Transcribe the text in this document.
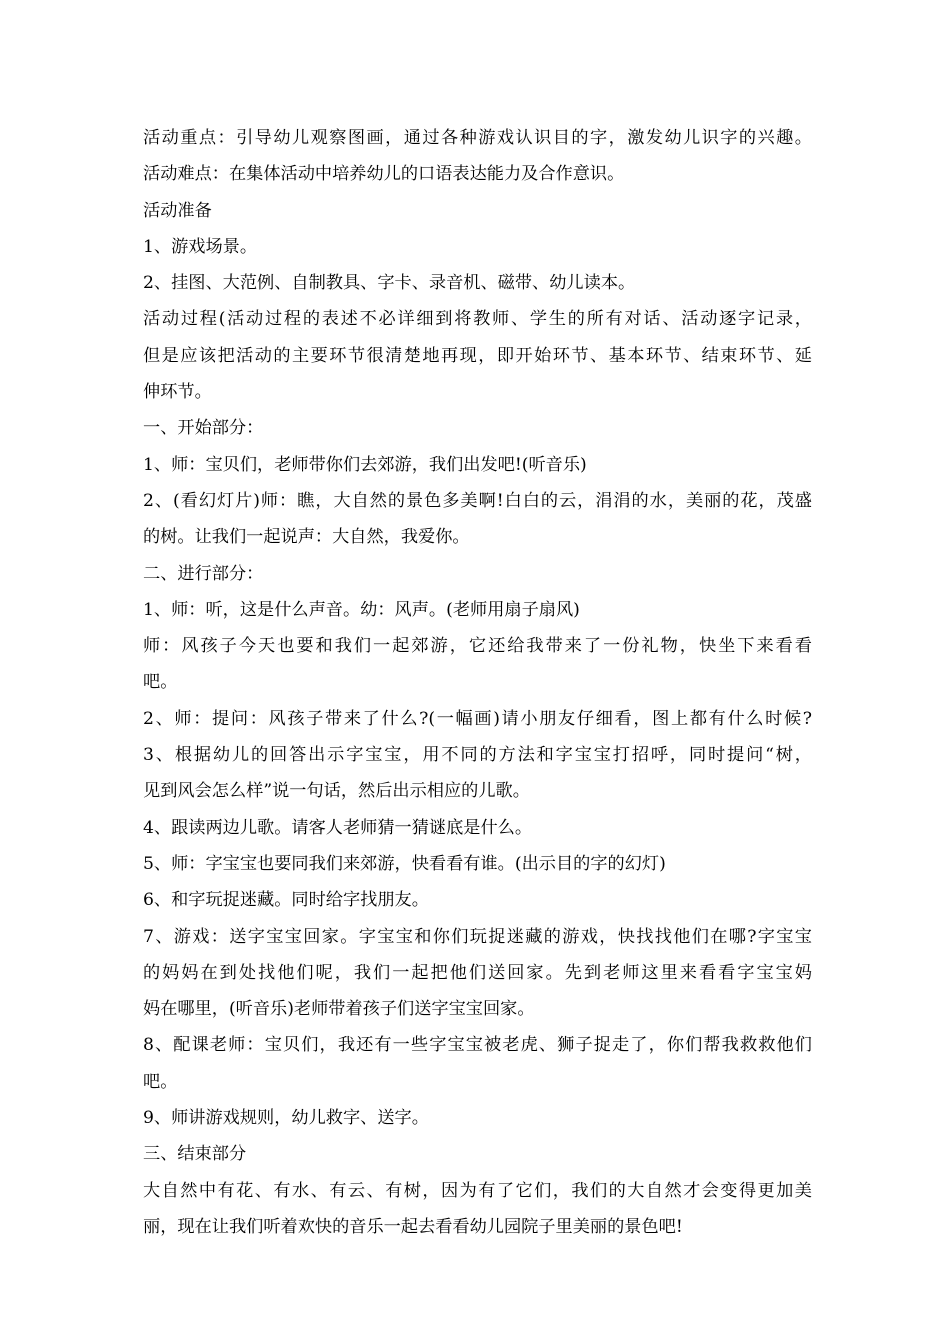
活动重点：引导幼儿观察图画，通过各种游戏认识目的字，激发幼儿识字的兴趣。

活动难点：在集体活动中培养幼儿的口语表达能力及合作意识。

活动准备

1、游戏场景。

2、挂图、大范例、自制教具、字卡、录音机、磁带、幼儿读本。

活动过程(活动过程的表述不必详细到将教师、学生的所有对话、活动逐字记录，

但是应该把活动的主要环节很清楚地再现，即开始环节、基本环节、结束环节、延

伸环节。

一、开始部分：

1、师：宝贝们，老师带你们去郊游，我们出发吧!(听音乐)

2、(看幻灯片)师：瞧，大自然的景色多美啊!白白的云，涓涓的水，美丽的花，茂盛

的树。让我们一起说声：大自然，我爱你。

二、进行部分：

1、师：听，这是什么声音。幼：风声。(老师用扇子扇风)

师：风孩子今天也要和我们一起郊游，它还给我带来了一份礼物，快坐下来看看

吧。

2、师：提问：风孩子带来了什么?(一幅画)请小朋友仔细看，图上都有什么时候?

3、根据幼儿的回答出示字宝宝，用不同的方法和字宝宝打招呼，同时提问“树，

见到风会怎么样”说一句话，然后出示相应的儿歌。

4、跟读两边儿歌。请客人老师猜一猜谜底是什么。

5、师：字宝宝也要同我们来郊游，快看看有谁。(出示目的字的幻灯)

6、和字玩捉迷藏。同时给字找朋友。

7、游戏：送字宝宝回家。字宝宝和你们玩捉迷藏的游戏，快找找他们在哪?字宝宝

的妈妈在到处找他们呢，我们一起把他们送回家。先到老师这里来看看字宝宝妈

妈在哪里，(听音乐)老师带着孩子们送字宝宝回家。

8、配课老师：宝贝们，我还有一些字宝宝被老虎、狮子捉走了，你们帮我救救他们

吧。

9、师讲游戏规则，幼儿救字、送字。

三、结束部分

大自然中有花、有水、有云、有树，因为有了它们，我们的大自然才会变得更加美

丽，现在让我们听着欢快的音乐一起去看看幼儿园院子里美丽的景色吧!
